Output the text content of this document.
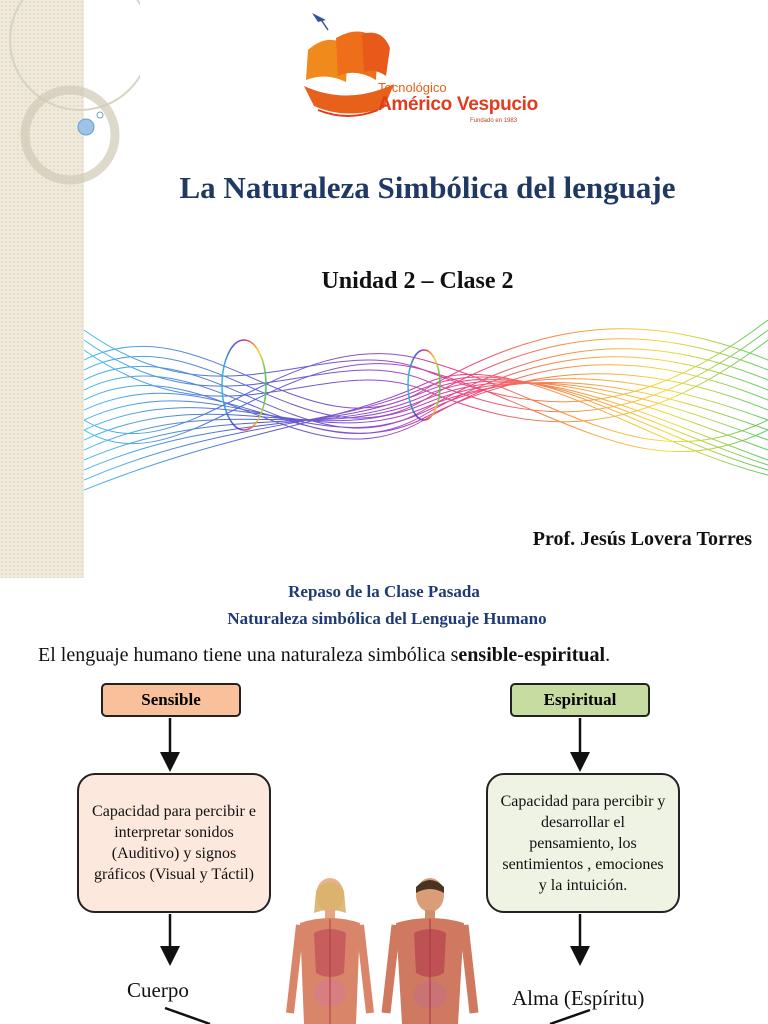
Tecnológico
Américo Vespucio
Fundado en 1983
La Naturaleza Simbólica del lenguaje
Unidad 2 – Clase 2
Prof. Jesús Lovera Torres
Repaso de la Clase Pasada
Naturaleza simbólica del Lenguaje Humano
El lenguaje humano tiene una naturaleza simbólica sensible-espiritual.
Sensible	Espiritual
Capacidad para percibir e interpretar sonidos (Auditivo) y signos gráficos (Visual y Táctil)
Capacidad para percibir y desarrollar el pensamiento, los sentimientos , emociones y la intuición.
Cuerpo	Alma (Espíritu)
